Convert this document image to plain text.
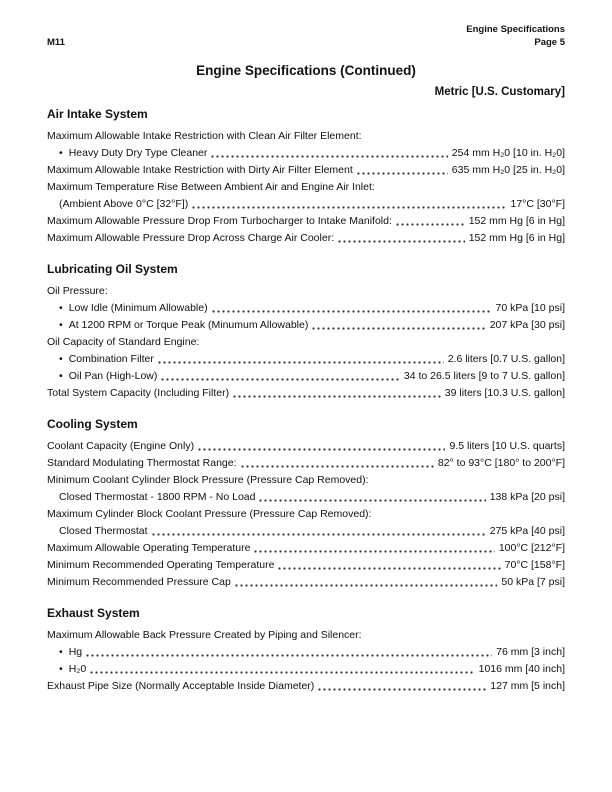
M11
Engine Specifications
Page 5
Engine Specifications (Continued)
Metric [U.S. Customary]
Air Intake System
Maximum Allowable Intake Restriction with Clean Air Filter Element:
• Heavy Duty Dry Type Cleaner	254 mm H₂0 [10 in. H₂0]
Maximum Allowable Intake Restriction with Dirty Air Filter Element	635 mm H₂0 [25 in. H₂0]
Maximum Temperature Rise Between Ambient Air and Engine Air Inlet:
(Ambient Above 0°C [32°F])	17°C [30°F]
Maximum Allowable Pressure Drop From Turbocharger to Intake Manifold:	152 mm Hg [6 in Hg]
Maximum Allowable Pressure Drop Across Charge Air Cooler:	152 mm Hg [6 in Hg]
Lubricating Oil System
Oil Pressure:
• Low Idle (Minimum Allowable)	70 kPa [10 psi]
• At 1200 RPM or Torque Peak (Minumum Allowable)	207 kPa [30 psi]
Oil Capacity of Standard Engine:
• Combination Filter	2.6 liters [0.7 U.S. gallon]
• Oil Pan (High-Low)	34 to 26.5 liters [9 to 7 U.S. gallon]
Total System Capacity (Including Filter)	39 liters [10.3 U.S. gallon]
Cooling System
Coolant Capacity (Engine Only)	9.5 liters [10 U.S. quarts]
Standard Modulating Thermostat Range:	82° to 93°C [180° to 200°F]
Minimum Coolant Cylinder Block Pressure (Pressure Cap Removed):
Closed Thermostat - 1800 RPM - No Load	138 kPa [20 psi]
Maximum Cylinder Block Coolant Pressure (Pressure Cap Removed):
Closed Thermostat	275 kPa [40 psi]
Maximum Allowable Operating Temperature	100°C [212°F]
Minimum Recommended Operating Temperature	70°C [158°F]
Minimum Recommended Pressure Cap	50 kPa [7 psi]
Exhaust System
Maximum Allowable Back Pressure Created by Piping and Silencer:
• Hg	76 mm [3 inch]
• H₂0	1016 mm [40 inch]
Exhaust Pipe Size (Normally Acceptable Inside Diameter)	127 mm [5 inch]
